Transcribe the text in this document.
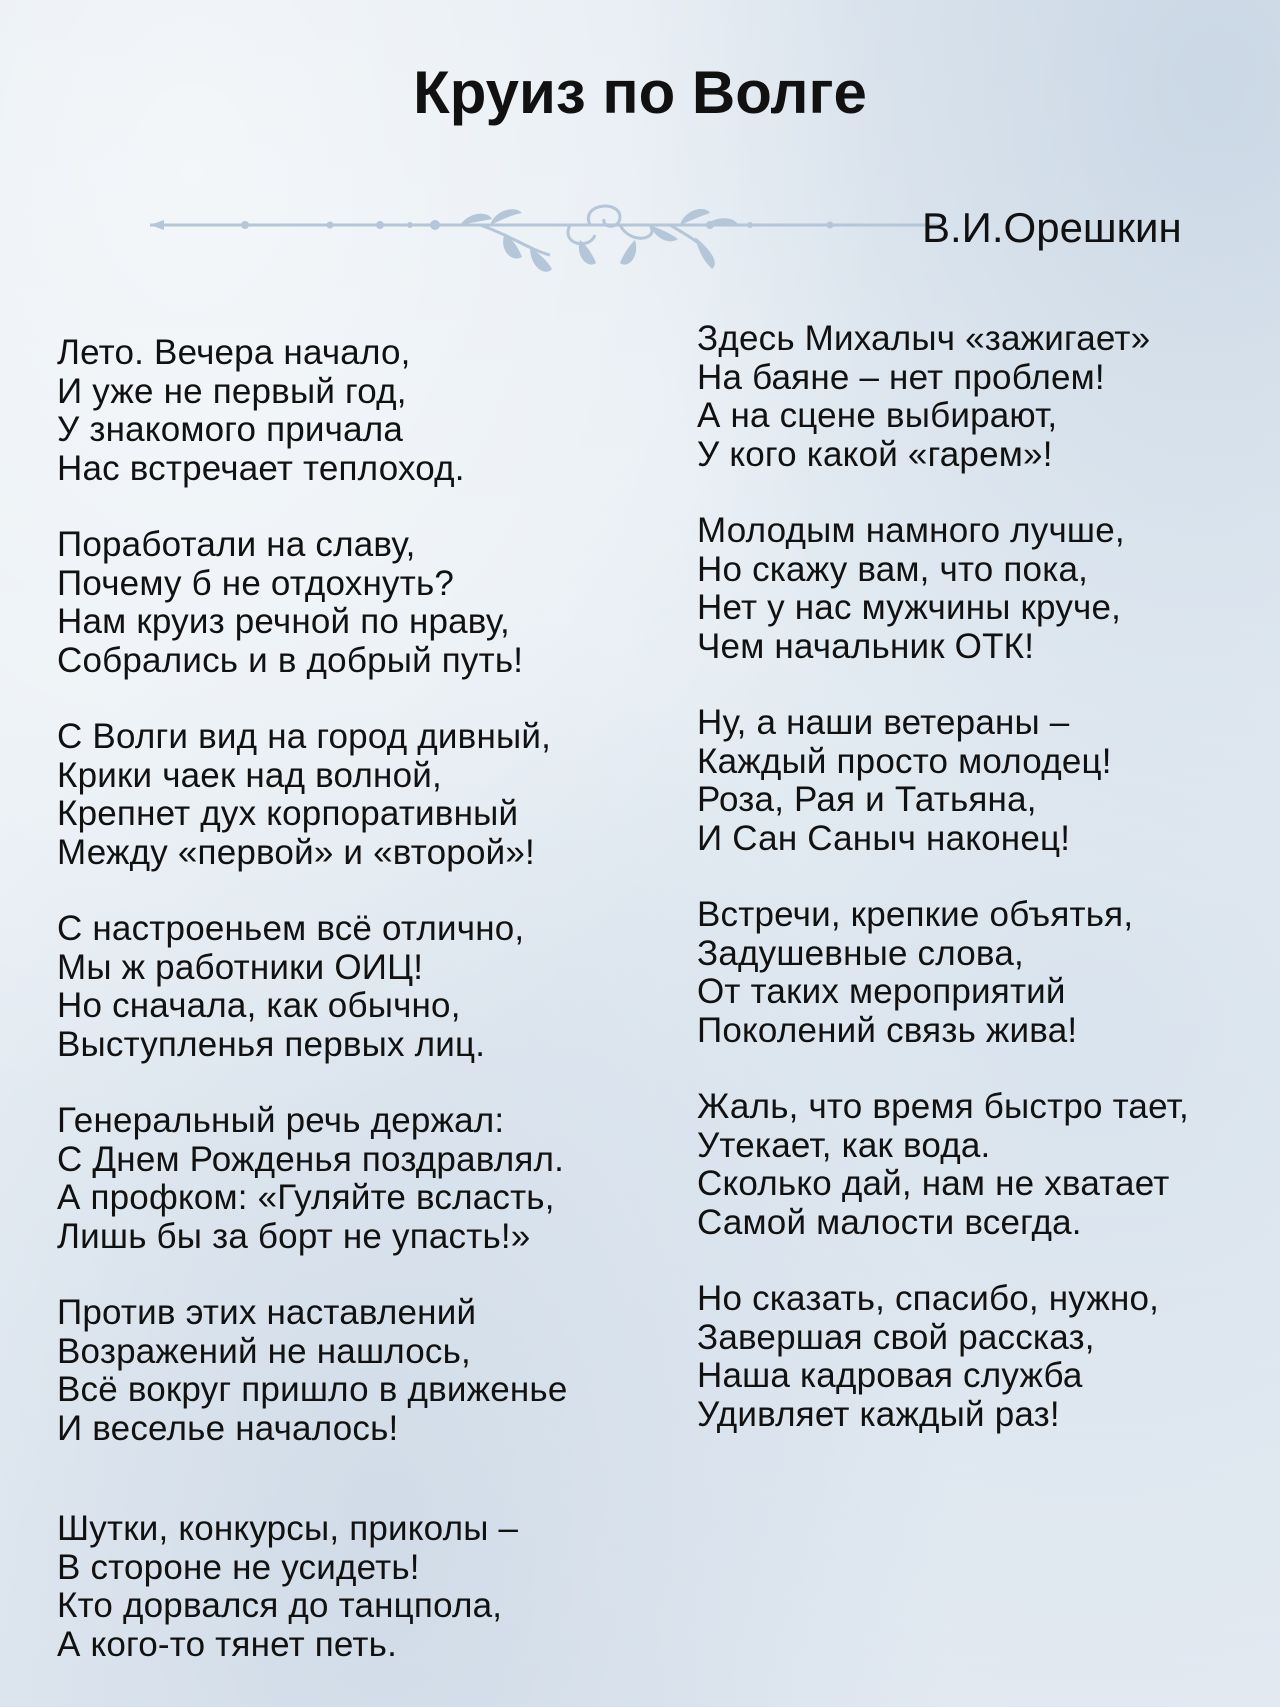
Круиз по Волге
В.И.Орешкин
Лето. Вечера начало,
И уже не первый год,
У знакомого причала
Нас встречает теплоход.
Поработали на славу,
Почему б не отдохнуть?
Нам круиз речной по нраву,
Собрались и в добрый путь!
С Волги вид на город дивный,
Крики чаек над волной,
Крепнет дух корпоративный
Между «первой» и «второй»!
С настроеньем всё отлично,
Мы ж работники ОИЦ!
Но сначала, как обычно,
Выступленья первых лиц.
Генеральный речь держал:
С Днем Рожденья поздравлял.
А профком: «Гуляйте всласть,
Лишь бы за борт не упасть!»
Против этих наставлений
Возражений не нашлось,
Всё вокруг пришло в движенье
И веселье началось!
Шутки, конкурсы, приколы –
В стороне не усидеть!
Кто дорвался до танцпола,
А кого-то тянет петь.
Здесь Михалыч «зажигает»
На баяне – нет проблем!
А на сцене выбирают,
У кого какой «гарем»!
Молодым намного лучше,
Но скажу вам, что пока,
Нет у нас мужчины круче,
Чем начальник ОТК!
Ну, а наши ветераны –
Каждый просто молодец!
Роза, Рая и Татьяна,
И Сан Саныч наконец!
Встречи, крепкие объятья,
Задушевные слова,
От таких мероприятий
Поколений связь жива!
Жаль, что время быстро тает,
Утекает, как вода.
Сколько дай, нам не хватает
Самой малости всегда.
Но сказать, спасибо, нужно,
Завершая свой рассказ,
Наша кадровая служба
Удивляет каждый раз!
